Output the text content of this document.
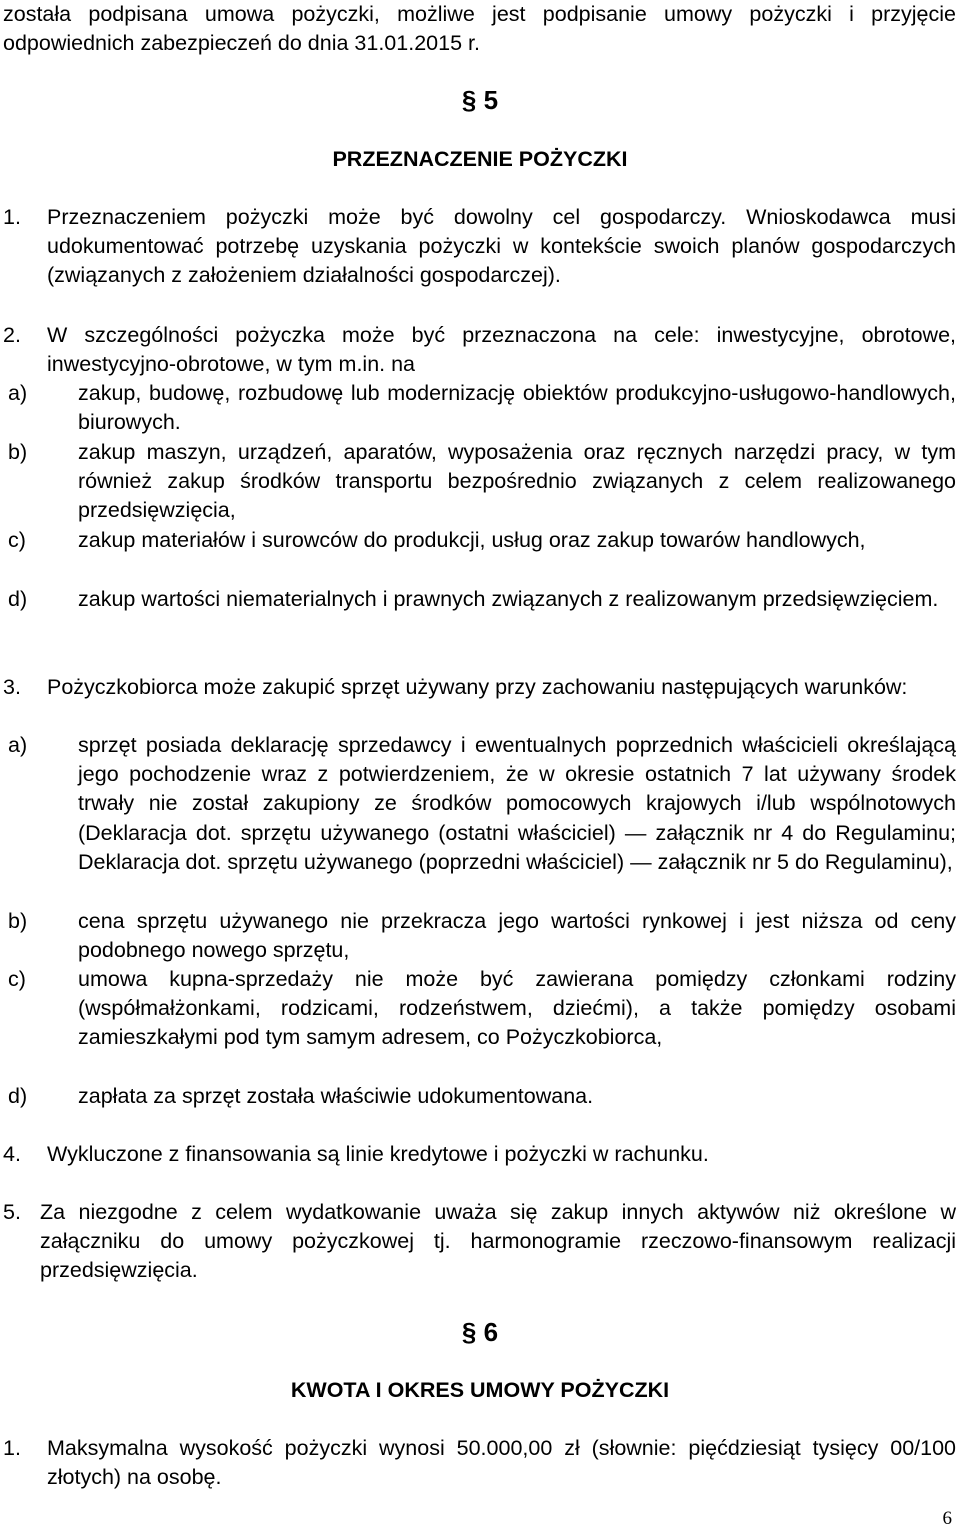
została podpisana umowa pożyczki, możliwe jest podpisanie umowy pożyczki i przyjęcie odpowiednich zabezpieczeń do dnia 31.01.2015 r.

§ 5
PRZEZNACZENIE POŻYCZKI
1. Przeznaczeniem pożyczki może być dowolny cel gospodarczy. Wnioskodawca musi udokumentować potrzebę uzyskania pożyczki w kontekście swoich planów gospodarczych (związanych z założeniem działalności gospodarczej).
2. W szczególności pożyczka może być przeznaczona na cele: inwestycyjne, obrotowe, inwestycyjno-obrotowe, w tym m.in. na
a) zakup, budowę, rozbudowę lub modernizację obiektów produkcyjno-usługowo-handlowych, biurowych.
b) zakup maszyn, urządzeń, aparatów, wyposażenia oraz ręcznych narzędzi pracy, w tym również zakup środków transportu bezpośrednio związanych z celem realizowanego przedsięwzięcia,
c) zakup materiałów i surowców do produkcji, usług oraz zakup towarów handlowych,
d) zakup wartości niematerialnych i prawnych związanych z realizowanym przedsięwzięciem.
3. Pożyczkobiorca może zakupić sprzęt używany przy zachowaniu następujących warunków:
a) sprzęt posiada deklarację sprzedawcy i ewentualnych poprzednich właścicieli określającą jego pochodzenie wraz z potwierdzeniem, że w okresie ostatnich 7 lat używany środek trwały nie został zakupiony ze środków pomocowych krajowych i/lub wspólnotowych (Deklaracja dot. sprzętu używanego (ostatni właściciel) — załącznik nr 4 do Regulaminu; Deklaracja dot. sprzętu używanego (poprzedni właściciel) — załącznik nr 5 do Regulaminu),
b) cena sprzętu używanego nie przekracza jego wartości rynkowej i jest niższa od ceny podobnego nowego sprzętu,
c) umowa kupna-sprzedaży nie może być zawierana pomiędzy członkami rodziny (współmałżonkami, rodzicami, rodzeństwem, dziećmi), a także pomiędzy osobami zamieszkałymi pod tym samym adresem, co Pożyczkobiorca,
d) zapłata za sprzęt została właściwie udokumentowana.
4. Wykluczone z finansowania są linie kredytowe i pożyczki w rachunku.
5. Za niezgodne z celem wydatkowanie uważa się zakup innych aktywów niż określone w załączniku do umowy pożyczkowej tj. harmonogramie rzeczowo-finansowym realizacji przedsięwzięcia.
§ 6
KWOTA I OKRES UMOWY POŻYCZKI
1. Maksymalna wysokość pożyczki wynosi 50.000,00 zł (słownie: pięćdziesiąt tysięcy 00/100 złotych) na osobę.
6
